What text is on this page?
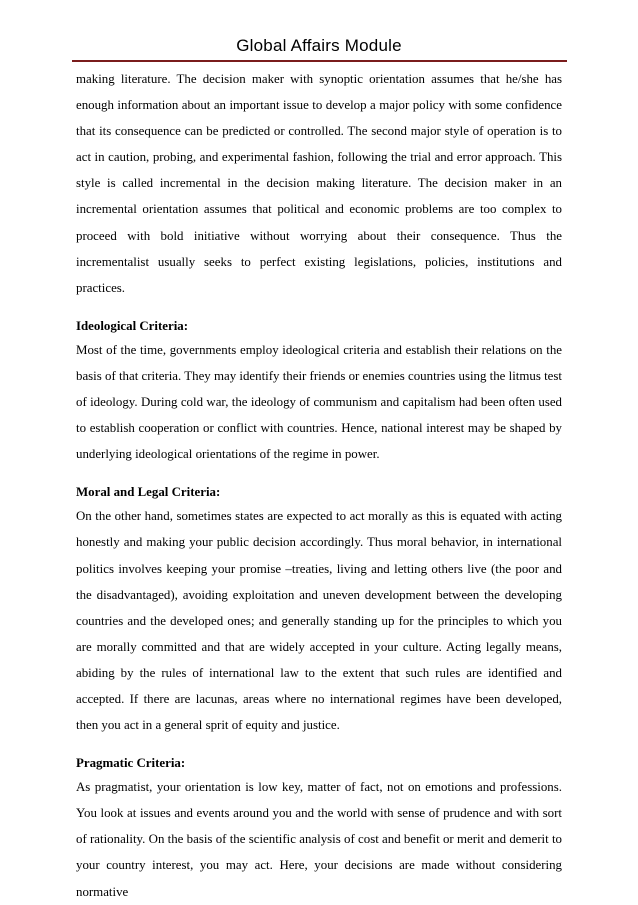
Global Affairs Module

making literature. The decision maker with synoptic orientation assumes that he/she has enough information about an important issue to develop a major policy with some confidence that its consequence can be predicted or controlled. The second major style of operation is to act in caution, probing, and experimental fashion, following the trial and error approach. This style is called incremental in the decision making literature. The decision maker in an incremental orientation assumes that political and economic problems are too complex to proceed with bold initiative without worrying about their consequence. Thus the incrementalist usually seeks to perfect existing legislations, policies, institutions and practices.

Ideological Criteria:

Most of the time, governments employ ideological criteria and establish their relations on the basis of that criteria. They may identify their friends or enemies countries using the litmus test of ideology. During cold war, the ideology of communism and capitalism had been often used to establish cooperation or conflict with countries. Hence, national interest may be shaped by underlying ideological orientations of the regime in power.

Moral and Legal Criteria:

On the other hand, sometimes states are expected to act morally as this is equated with acting honestly and making your public decision accordingly. Thus moral behavior, in international politics involves keeping your promise –treaties, living and letting others live (the poor and the disadvantaged), avoiding exploitation and uneven development between the developing countries and the developed ones; and generally standing up for the principles to which you are morally committed and that are widely accepted in your culture. Acting legally means, abiding by the rules of international law to the extent that such rules are identified and accepted. If there are lacunas, areas where no international regimes have been developed, then you act in a general sprit of equity and justice.

Pragmatic Criteria:

As pragmatist, your orientation is low key, matter of fact, not on emotions and professions. You look at issues and events around you and the world with sense of prudence and with sort of rationality. On the basis of the scientific analysis of cost and benefit or merit and demerit to your country interest, you may act. Here, your decisions are made without considering normative
